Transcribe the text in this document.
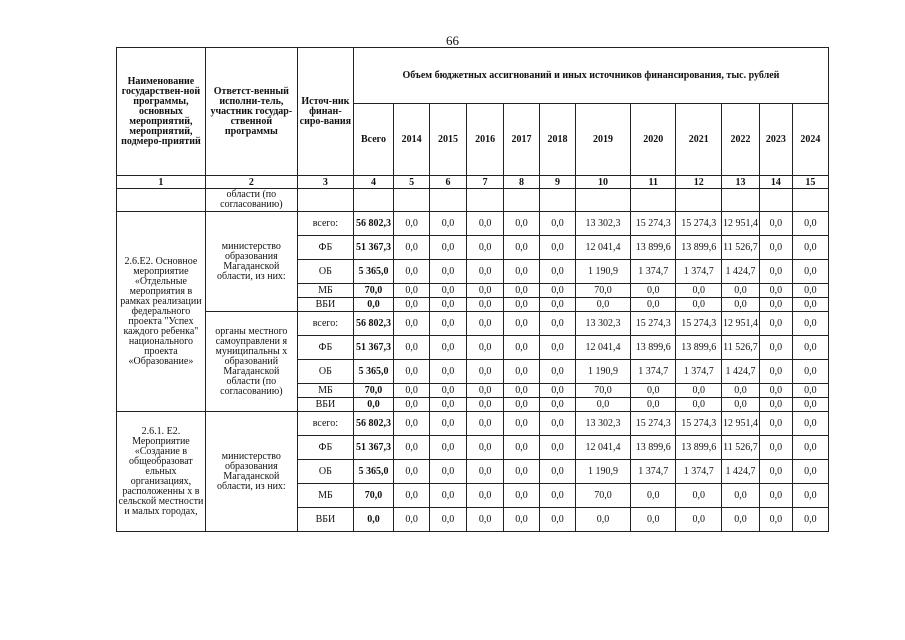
66
Наименование государствен-ной программы, основных мероприятий, мероприятий, подмеро-приятий	Ответст-венный исполни-тель, участник государ-ственной программы	Источ-ник финан-сиро-вания	Объем бюджетных ассигнований и иных источников финансирования, тыс. рублей											
			Всего	2014	2015	2016	2017	2018	2019	2020	2021	2022	2023	2024
1	2	3	4	5	6	7	8	9	10	11	12	13	14	15
	области (по согласованию)													
2.6.Е2. Основное мероприятие «Отдельные мероприятия в рамках реализации федерального проекта "Успех каждого ребенка" национального проекта «Образование»	министерство образования Магаданской области, из них:	всего:	56 802,3	0,0	0,0	0,0	0,0	0,0	13 302,3	15 274,3	15 274,3	12 951,4	0,0	0,0
		ФБ	51 367,3	0,0	0,0	0,0	0,0	0,0	12 041,4	13 899,6	13 899,6	11 526,7	0,0	0,0
		ОБ	5 365,0	0,0	0,0	0,0	0,0	0,0	1 190,9	1 374,7	1 374,7	1 424,7	0,0	0,0
		МБ	70,0	0,0	0,0	0,0	0,0	0,0	70,0	0,0	0,0	0,0	0,0	0,0
		ВБИ	0,0	0,0	0,0	0,0	0,0	0,0	0,0	0,0	0,0	0,0	0,0	0,0
	органы местного самоуправлени я муниципальны х образований Магаданской области (по согласованию)	всего:	56 802,3	0,0	0,0	0,0	0,0	0,0	13 302,3	15 274,3	15 274,3	12 951,4	0,0	0,0
		ФБ	51 367,3	0,0	0,0	0,0	0,0	0,0	12 041,4	13 899,6	13 899,6	11 526,7	0,0	0,0
		ОБ	5 365,0	0,0	0,0	0,0	0,0	0,0	1 190,9	1 374,7	1 374,7	1 424,7	0,0	0,0
		МБ	70,0	0,0	0,0	0,0	0,0	0,0	70,0	0,0	0,0	0,0	0,0	0,0
		ВБИ	0,0	0,0	0,0	0,0	0,0	0,0	0,0	0,0	0,0	0,0	0,0	0,0
2.6.1. Е2. Мероприятие «Создание в общеобразоват ельных организациях, расположенны х в сельской местности и малых городах,	министерство образования Магаданской области, из них:	всего:	56 802,3	0,0	0,0	0,0	0,0	0,0	13 302,3	15 274,3	15 274,3	12 951,4	0,0	0,0
		ФБ	51 367,3	0,0	0,0	0,0	0,0	0,0	12 041,4	13 899,6	13 899,6	11 526,7	0,0	0,0
		ОБ	5 365,0	0,0	0,0	0,0	0,0	0,0	1 190,9	1 374,7	1 374,7	1 424,7	0,0	0,0
		МБ	70,0	0,0	0,0	0,0	0,0	0,0	70,0	0,0	0,0	0,0	0,0	0,0
		ВБИ	0,0	0,0	0,0	0,0	0,0	0,0	0,0	0,0	0,0	0,0	0,0	0,0
